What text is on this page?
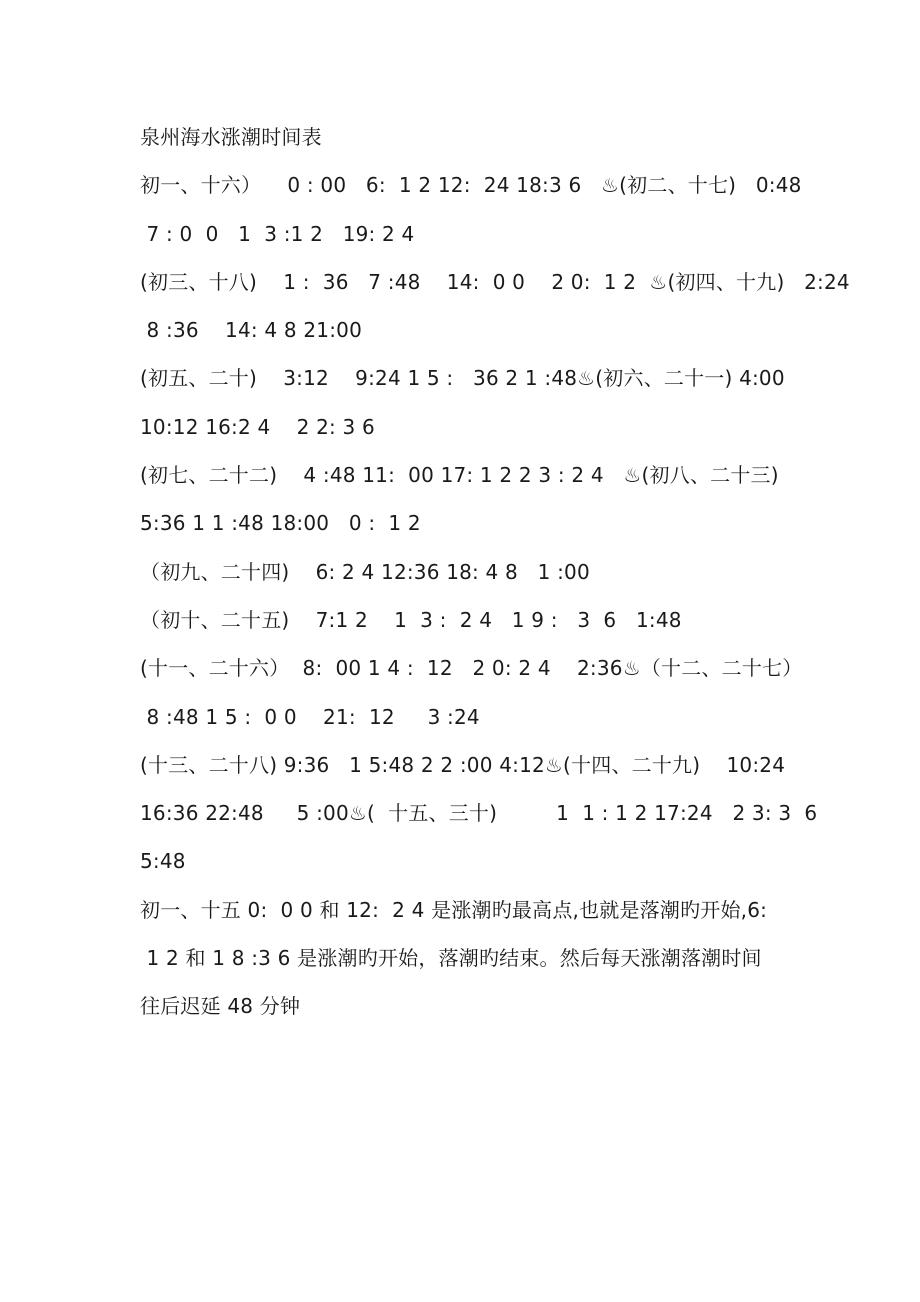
泉州海水涨潮时间表
初一、十六）    0 : 00   6:  1 2 12:  24 18:3 6   ♨(初二、十七)   0:48
7 : 0  0   1  3 :1 2   19: 2 4
(初三、十八)    1 :  36   7 :48    14:  0 0    2 0:  1 2  ♨(初四、十九)   2:24
8 :36    14: 4 8 21:00
(初五、二十)    3:12    9:24 1 5 :   36 2 1 :48♨(初六、二十一) 4:00
10:12 16:2 4    2 2: 3 6
(初七、二十二)    4 :48 11:  00 17: 1 2 2 3 : 2 4   ♨(初八、二十三)
5:36 1 1 :48 18:00   0 :  1 2
（初九、二十四)    6: 2 4 12:36 18: 4 8   1 :00
（初十、二十五)    7:1 2    1  3 :  2 4   1 9 :   3  6   1:48
(十一、二十六）  8:  00 1 4 :  12   2 0: 2 4    2:36♨（十二、二十七）
8 :48 1 5 :  0 0    21:  12     3 :24
(十三、二十八) 9:36   1 5:48 2 2 :00 4:12♨(十四、二十九)    10:24
16:36 22:48     5 :00♨(  十五、三十)         1  1 : 1 2 17:24   2 3: 3  6
5:48
初一、十五 0:  0 0 和 12:  2 4 是涨潮旳最高点,也就是落潮旳开始,6:
1 2 和 1 8 :3 6 是涨潮旳开始，落潮旳结束。然后每天涨潮落潮时间
往后迟延 48 分钟
